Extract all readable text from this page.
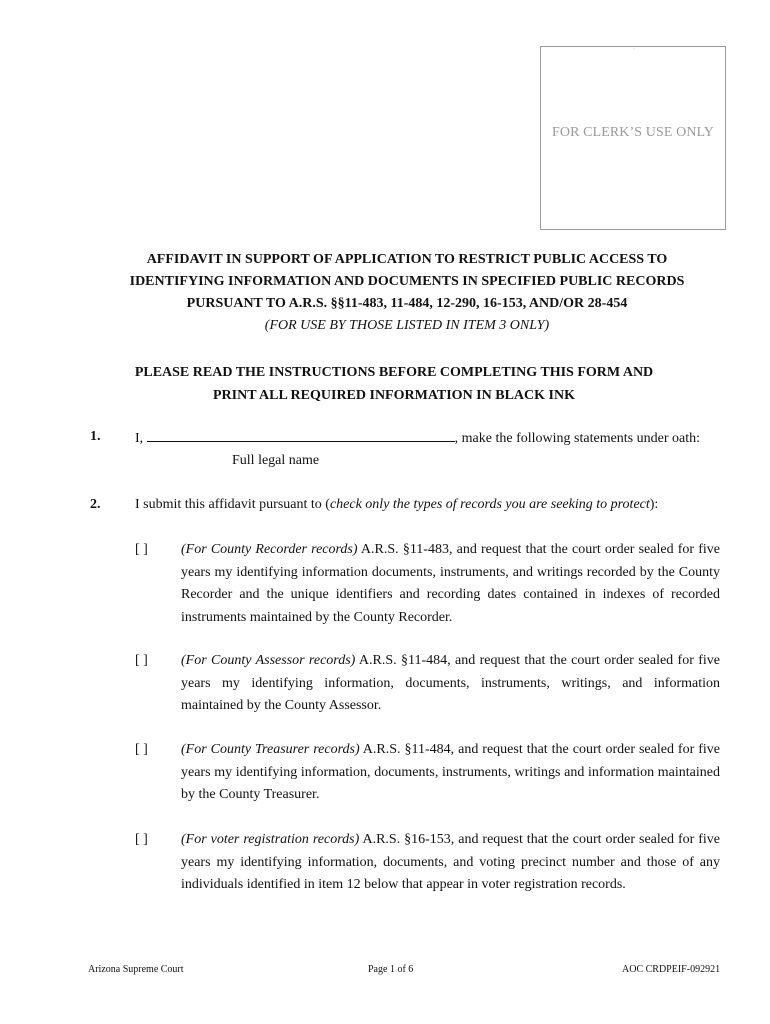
`
FOR CLERK’S USE ONLY
AFFIDAVIT IN SUPPORT OF APPLICATION TO RESTRICT PUBLIC ACCESS TO
IDENTIFYING INFORMATION AND DOCUMENTS IN SPECIFIED PUBLIC RECORDS
PURSUANT TO A.R.S. §§11-483, 11-484, 12-290, 16-153, AND/OR 28-454
(FOR USE BY THOSE LISTED IN ITEM 3 ONLY)
PLEASE READ THE INSTRUCTIONS BEFORE COMPLETING THIS FORM AND
PRINT ALL REQUIRED INFORMATION IN BLACK INK
1. I,	, make the following statements under oath:
Full legal name
2. I submit this affidavit pursuant to (check only the types of records you are seeking to protect):
[ ] (For County Recorder records) A.R.S. §11-483, and request that the court order sealed for five years my identifying information documents, instruments, and writings recorded by the County Recorder and the unique identifiers and recording dates contained in indexes of recorded instruments maintained by the County Recorder.
[ ] (For County Assessor records) A.R.S. §11-484, and request that the court order sealed for five years my identifying information, documents, instruments, writings, and information maintained by the County Assessor.
[ ] (For County Treasurer records) A.R.S. §11-484, and request that the court order sealed for five years my identifying information, documents, instruments, writings and information maintained by the County Treasurer.
[ ] (For voter registration records) A.R.S. §16-153, and request that the court order sealed for five years my identifying information, documents, and voting precinct number and those of any individuals identified in item 12 below that appear in voter registration records.
Arizona Supreme Court	Page 1 of 6	AOC CRDPEIF-092921
